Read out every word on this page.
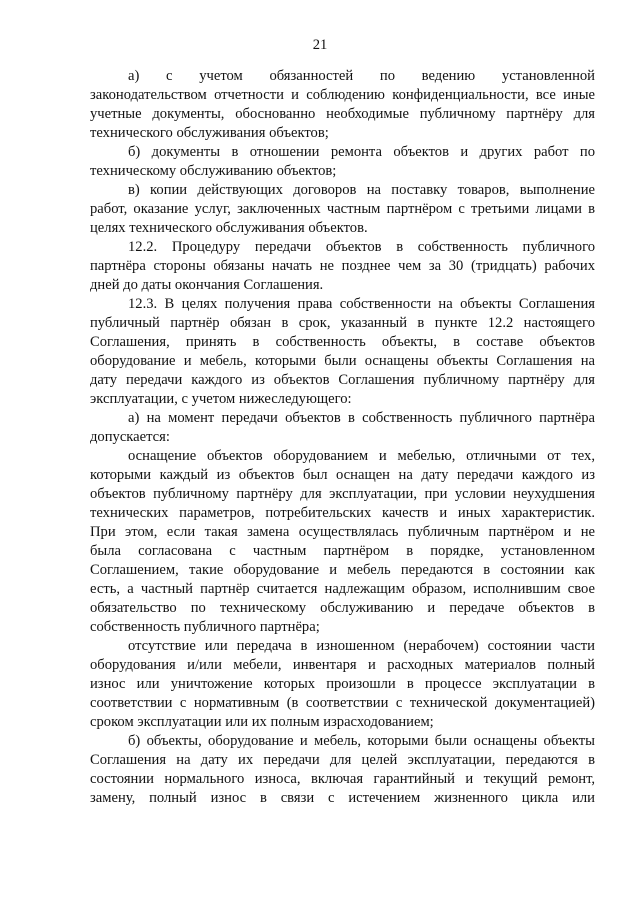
21
а) с учетом обязанностей по ведению установленной
законодательством отчетности и соблюдению конфиденциальности, все иные
учетные документы, обоснованно необходимые публичному партнёру для
технического обслуживания объектов;
б) документы в отношении ремонта объектов и других работ по
техническому обслуживанию объектов;
в) копии действующих договоров на поставку товаров, выполнение
работ, оказание услуг, заключенных частным партнёром с третьими лицами в
целях технического обслуживания объектов.
12.2. Процедуру передачи объектов в собственность публичного
партнёра стороны обязаны начать не позднее чем за 30 (тридцать) рабочих
дней до даты окончания Соглашения.
12.3. В целях получения права собственности на объекты Соглашения
публичный партнёр обязан в срок, указанный в пункте 12.2 настоящего
Соглашения, принять в собственность объекты, в составе объектов
оборудование и мебель, которыми были оснащены объекты Соглашения на
дату передачи каждого из объектов Соглашения публичному партнёру для
эксплуатации, с учетом нижеследующего:
а) на момент передачи объектов в собственность публичного партнёра
допускается:
оснащение объектов оборудованием и мебелью, отличными от тех,
которыми каждый из объектов был оснащен на дату передачи каждого из
объектов публичному партнёру для эксплуатации, при условии неухудшения
технических параметров, потребительских качеств и иных характеристик.
При этом, если такая замена осуществлялась публичным партнёром и не
была согласована с частным партнёром в порядке, установленном
Соглашением, такие оборудование и мебель передаются в состоянии как
есть, а частный партнёр считается надлежащим образом, исполнившим свое
обязательство по техническому обслуживанию и передаче объектов в
собственность публичного партнёра;
отсутствие или передача в изношенном (нерабочем) состоянии части
оборудования и/или мебели, инвентаря и расходных материалов полный
износ или уничтожение которых произошли в процессе эксплуатации в
соответствии с нормативным (в соответствии с технической документацией)
сроком эксплуатации или их полным израсходованием;
б) объекты, оборудование и мебель, которыми были оснащены объекты
Соглашения на дату их передачи для целей эксплуатации, передаются в
состоянии нормального износа, включая гарантийный и текущий ремонт,
замену, полный износ в связи с истечением жизненного цикла или
